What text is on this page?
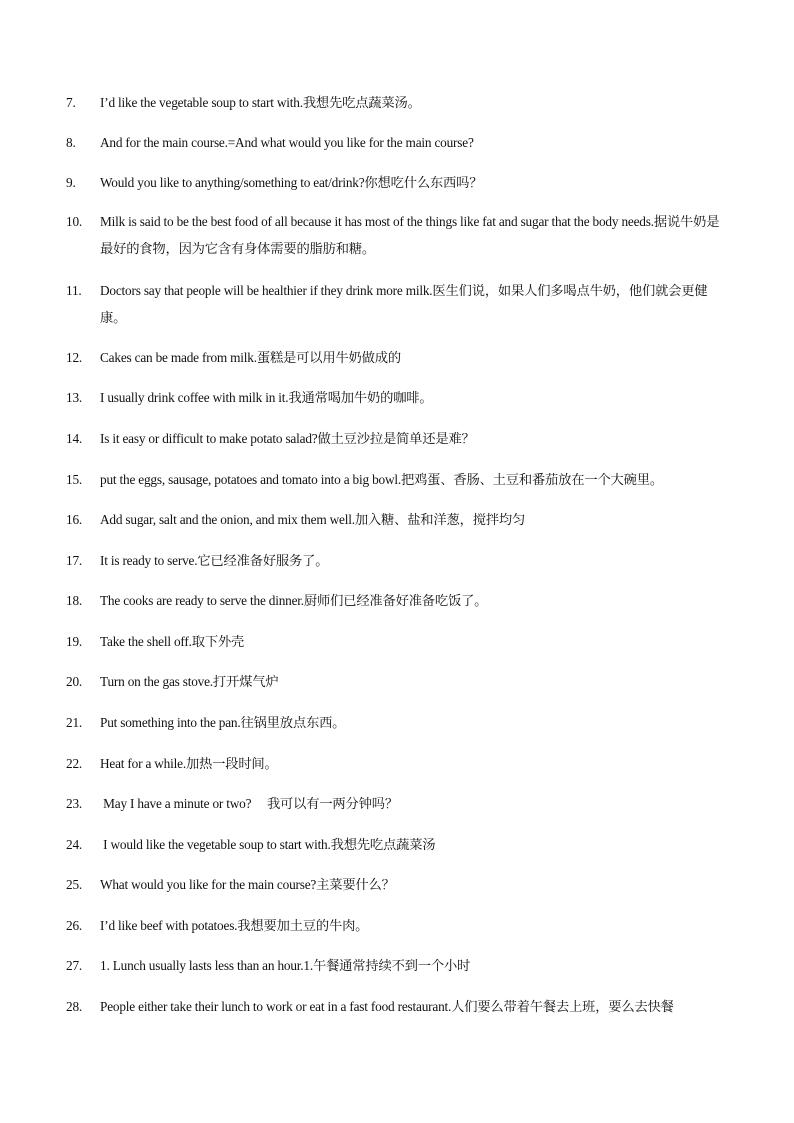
7.	I’d like the vegetable soup to start with.我想先吃点蔬菜汤。
8.	And for the main course.=And what would you like for the main course?
9.	Would you like to anything/something to eat/drink?你想吃什么东西吗？
10.	Milk is said to be the best food of all because it has most of the things like fat and sugar that the body needs.据说牛奶是最好的食物，因为它含有身体需要的脂肪和糖。
11.	Doctors say that people will be healthier if they drink more milk.医生们说，如果人们多喝点牛奶，他们就会更健康。
12.	Cakes can be made from milk.蛋糕是可以用牛奶做成的
13.	I usually drink coffee with milk in it.我通常喝加牛奶的咖啡。
14.	Is it easy or difficult to make potato salad?做土豆沙拉是简单还是难？
15.	put the eggs, sausage, potatoes and tomato into a big bowl.把鸡蛋、香肠、土豆和番茄放在一个大碗里。
16.	Add sugar, salt and the onion, and mix them well.加入糖、盐和洋葱，搅拌均匀
17.	It is ready to serve.它已经准备好服务了。
18.	The cooks are ready to serve the dinner.厨师们已经准备好准备吃饭了。
19.	Take the shell off.取下外壳
20.	Turn on the gas stove.打开煤气炉
21.	Put something into the pan.往锅里放点东西。
22.	Heat for a while.加热一段时间。
23.	May I have a minute or two?     我可以有一两分钟吗？
24.	I would like the vegetable soup to start with.我想先吃点蔬菜汤
25.	What would you like for the main course?主菜要什么？
26.	I’d like beef with potatoes.我想要加土豆的牛肉。
27.	1. Lunch usually lasts less than an hour.1.午餐通常持续不到一个小时
28.	People either take their lunch to work or eat in a fast food restaurant.人们要么带着午餐去上班，要么去快餐
